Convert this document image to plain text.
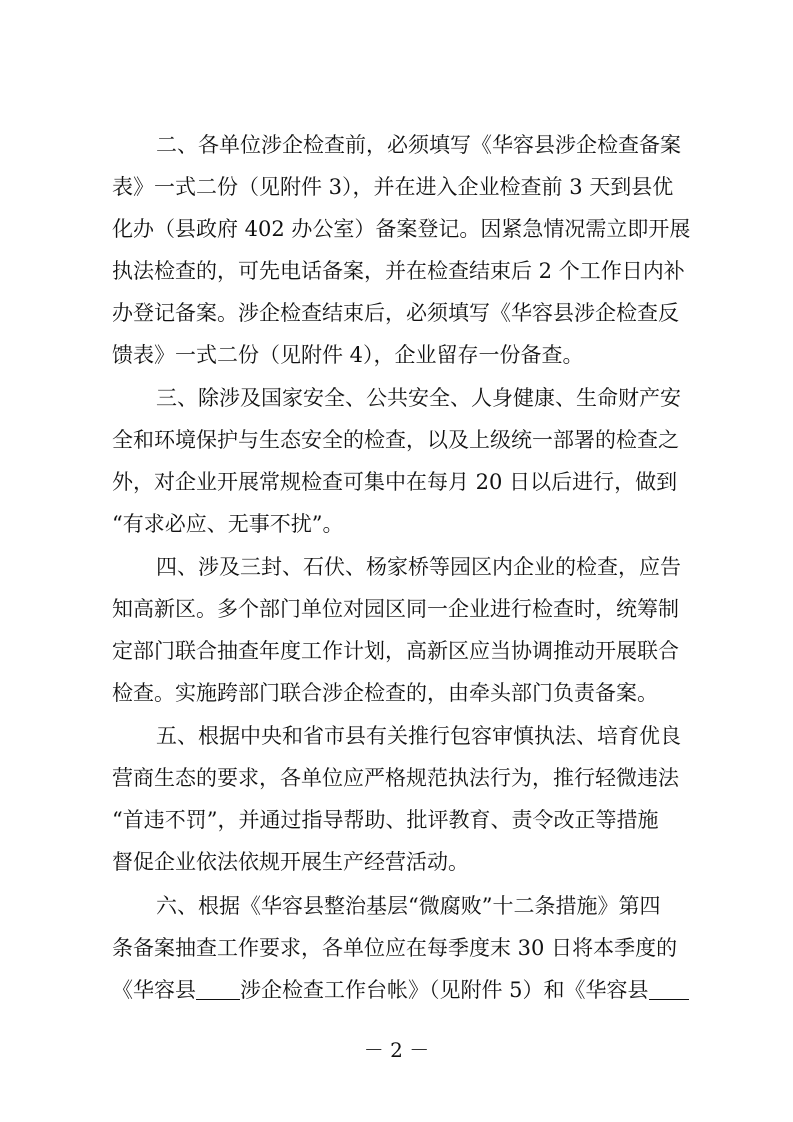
二、各单位涉企检查前，必须填写《华容县涉企检查备案
表》一式二份（见附件 3），并在进入企业检查前 3 天到县优
化办（县政府 402 办公室）备案登记。因紧急情况需立即开展
执法检查的，可先电话备案，并在检查结束后 2 个工作日内补
办登记备案。涉企检查结束后，必须填写《华容县涉企检查反
馈表》一式二份（见附件 4），企业留存一份备查。
三、除涉及国家安全、公共安全、人身健康、生命财产安
全和环境保护与生态安全的检查，以及上级统一部署的检查之
外，对企业开展常规检查可集中在每月 20 日以后进行，做到
“有求必应、无事不扰”。
四、涉及三封、石伏、杨家桥等园区内企业的检查，应告
知高新区。多个部门单位对园区同一企业进行检查时，统筹制
定部门联合抽查年度工作计划，高新区应当协调推动开展联合
检查。实施跨部门联合涉企检查的，由牵头部门负责备案。
五、根据中央和省市县有关推行包容审慎执法、培育优良
营商生态的要求，各单位应严格规范执法行为，推行轻微违法
“首违不罚”，并通过指导帮助、批评教育、责令改正等措施
督促企业依法依规开展生产经营活动。
六、根据《华容县整治基层“微腐败”十二条措施》第四
条备案抽查工作要求，各单位应在每季度末 30 日将本季度的
《华容县 涉企检查工作台帐》（见附件 5）和《华容县
－ 2 －
